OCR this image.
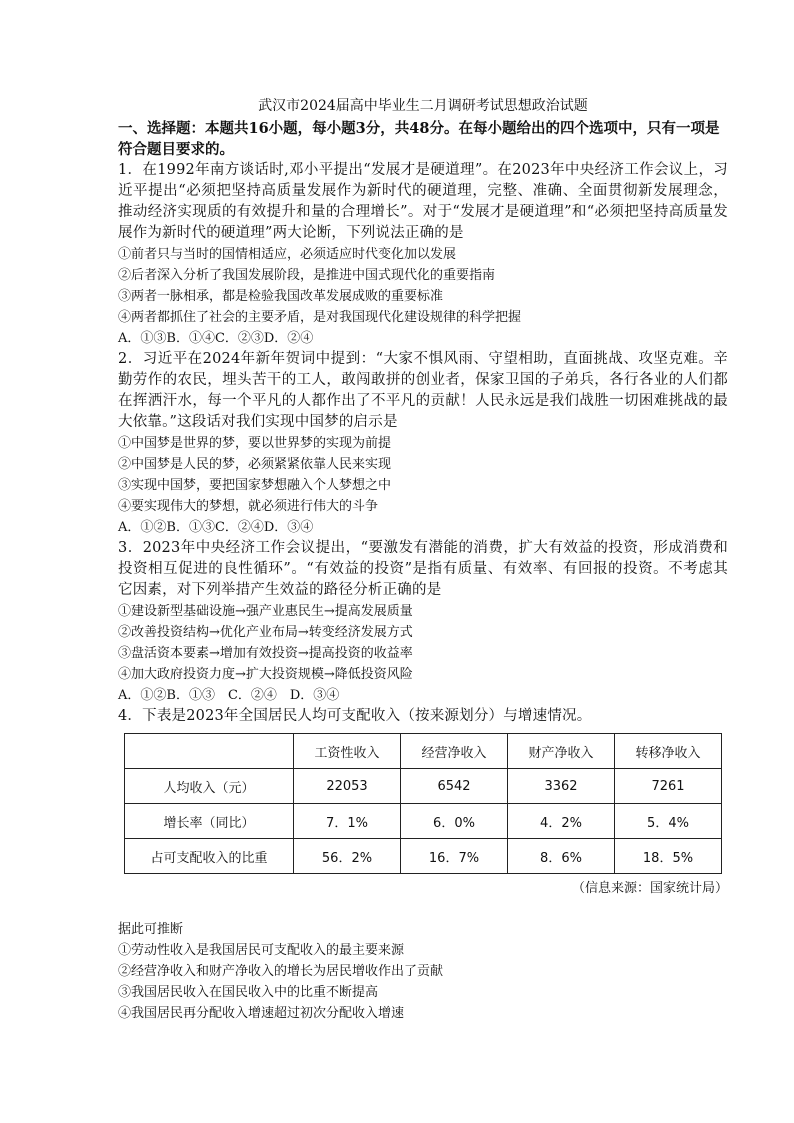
武汉市2024届高中毕业生二月调研考试思想政治试题

一、选择题：本题共16小题，每小题3分，共48分。在每小题给出的四个选项中，只有一项是符合题目要求的。

1．在1992年南方谈话时,邓小平提出“发展才是硬道理”。在2023年中央经济工作会议上，习近平提出“必须把坚持高质量发展作为新时代的硬道理，完整、准确、全面贯彻新发展理念，推动经济实现质的有效提升和量的合理增长”。对于“发展才是硬道理”和“必须把坚持高质量发展作为新时代的硬道理”两大论断，下列说法正确的是

①前者只与当时的国情相适应，必须适应时代变化加以发展

②后者深入分析了我国发展阶段，是推进中国式现代化的重要指南

③两者一脉相承，都是检验我国改革发展成败的重要标准

④两者都抓住了社会的主要矛盾，是对我国现代化建设规律的科学把握

A．①③B．①④C．②③D．②④

2．习近平在2024年新年贺词中提到：“大家不惧风雨、守望相助，直面挑战、攻坚克难。辛勤劳作的农民，埋头苦干的工人，敢闯敢拼的创业者，保家卫国的子弟兵，各行各业的人们都在挥洒汗水，每一个平凡的人都作出了不平凡的贡献！人民永远是我们战胜一切困难挑战的最大依靠。”这段话对我们实现中国梦的启示是

①中国梦是世界的梦，要以世界梦的实现为前提

②中国梦是人民的梦，必须紧紧依靠人民来实现

③实现中国梦，要把国家梦想融入个人梦想之中

④要实现伟大的梦想，就必须进行伟大的斗争

A．①②B．①③C．②④D．③④

3．2023年中央经济工作会议提出，“要激发有潜能的消费，扩大有效益的投资，形成消费和投资相互促进的良性循环”。“有效益的投资”是指有质量、有效率、有回报的投资。不考虑其它因素，对下列举措产生效益的路径分析正确的是

①建设新型基础设施→强产业惠民生→提高发展质量

②改善投资结构→优化产业布局→转变经济发展方式

③盘活资本要素→增加有效投资→提高投资的收益率

④加大政府投资力度→扩大投资规模→降低投资风险

A．①②B．①③　C．②④　D．③④

4．下表是2023年全国居民人均可支配收入（按来源划分）与增速情况。

	工资性收入	经营净收入	财产净收入	转移净收入
人均收入（元）	22053	6542	3362	7261
增长率（同比）	7．1%	6．0%	4．2%	5．4%
占可支配收入的比重	56．2%	16．7%	8．6%	18．5%

（信息来源：国家统计局）

据此可推断

①劳动性收入是我国居民可支配收入的最主要来源

②经营净收入和财产净收入的增长为居民增收作出了贡献

③我国居民收入在国民收入中的比重不断提高

④我国居民再分配收入增速超过初次分配收入增速
